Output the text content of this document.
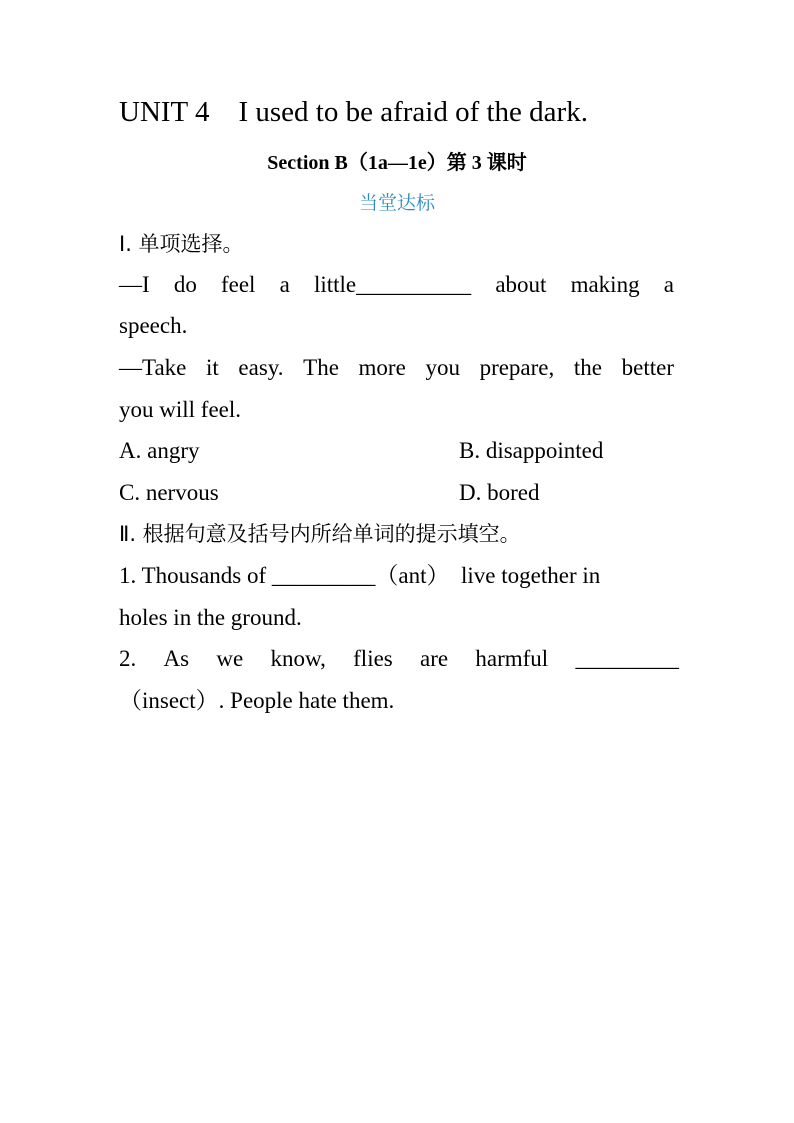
UNIT 4    I used to be afraid of the dark.
Section B（1a—1e）第 3 课时
当堂达标
Ⅰ. 单项选择。
—I do feel a little__________ about making a
speech.
—Take it easy. The more you prepare, the better
you will feel.
A. angry	B. disappointed
C. nervous	D. bored
Ⅱ. 根据句意及括号内所给单词的提示填空。
1. Thousands of _________（ant）  live together in
holes in the ground.
2. As we know, flies are harmful _________
（insect）. People hate them.
